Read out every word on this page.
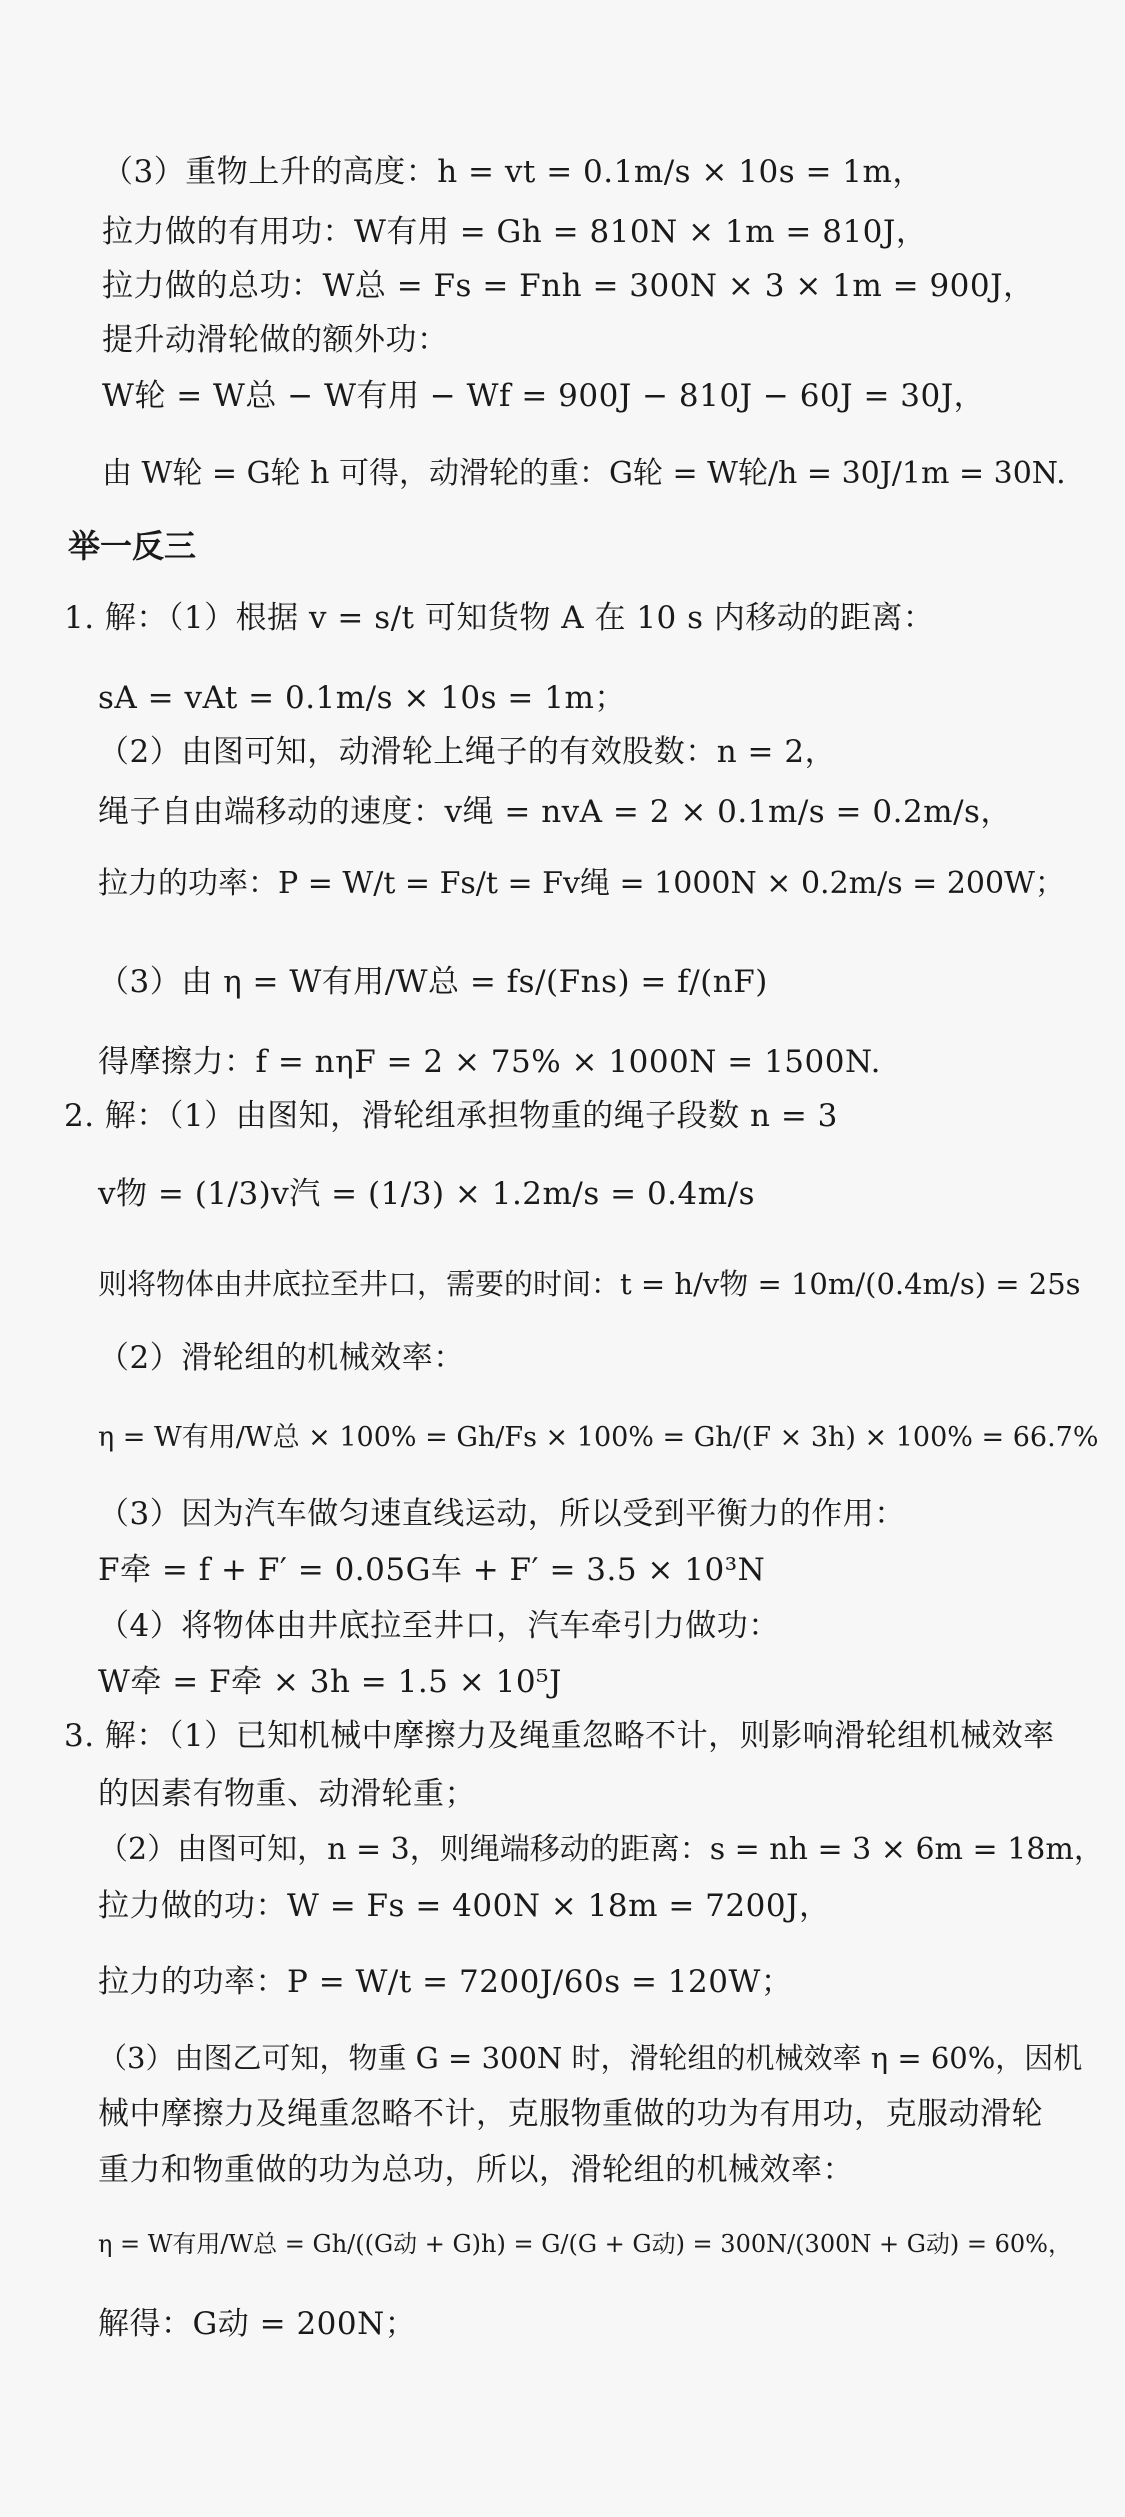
（3）重物上升的高度：h = vt = 0.1m/s × 10s = 1m，
拉力做的有用功：W有用 = Gh = 810N × 1m = 810J，
拉力做的总功：W总 = Fs = Fnh = 300N × 3 × 1m = 900J，
提升动滑轮做的额外功：
W轮 = W总 − W有用 − Wf = 900J − 810J − 60J = 30J，
由 W轮 = G轮 h 可得，动滑轮的重：G轮 = W轮/h = 30J/1m = 30N.
举一反三
1. 解：（1）根据 v = s/t 可知货物 A 在 10 s 内移动的距离：
sA = vAt = 0.1m/s × 10s = 1m；
（2）由图可知，动滑轮上绳子的有效股数：n = 2，
绳子自由端移动的速度：v绳 = nvA = 2 × 0.1m/s = 0.2m/s，
拉力的功率：P = W/t = Fs/t = Fv绳 = 1000N × 0.2m/s = 200W；
（3）由 η = W有用/W总 = fs/(Fns) = f/(nF)
得摩擦力：f = nηF = 2 × 75% × 1000N = 1500N.
2. 解：（1）由图知，滑轮组承担物重的绳子段数 n = 3
v物 = (1/3)v汽 = (1/3) × 1.2m/s = 0.4m/s
则将物体由井底拉至井口，需要的时间：t = h/v物 = 10m/(0.4m/s) = 25s
（2）滑轮组的机械效率：
η = W有用/W总 × 100% = Gh/Fs × 100% = Gh/(F × 3h) × 100% = 66.7%
（3）因为汽车做匀速直线运动，所以受到平衡力的作用：
F牵 = f + F′ = 0.05G车 + F′ = 3.5 × 10³N
（4）将物体由井底拉至井口，汽车牵引力做功：
W牵 = F牵 × 3h = 1.5 × 10⁵J
3. 解：（1）已知机械中摩擦力及绳重忽略不计，则影响滑轮组机械效率
的因素有物重、动滑轮重；
（2）由图可知，n = 3，则绳端移动的距离：s = nh = 3 × 6m = 18m，
拉力做的功：W = Fs = 400N × 18m = 7200J，
拉力的功率：P = W/t = 7200J/60s = 120W；
（3）由图乙可知，物重 G = 300N 时，滑轮组的机械效率 η = 60%，因机
械中摩擦力及绳重忽略不计，克服物重做的功为有用功，克服动滑轮
重力和物重做的功为总功，所以，滑轮组的机械效率：
η = W有用/W总 = Gh/((G动 + G)h) = G/(G + G动) = 300N/(300N + G动) = 60%，
解得：G动 = 200N；
